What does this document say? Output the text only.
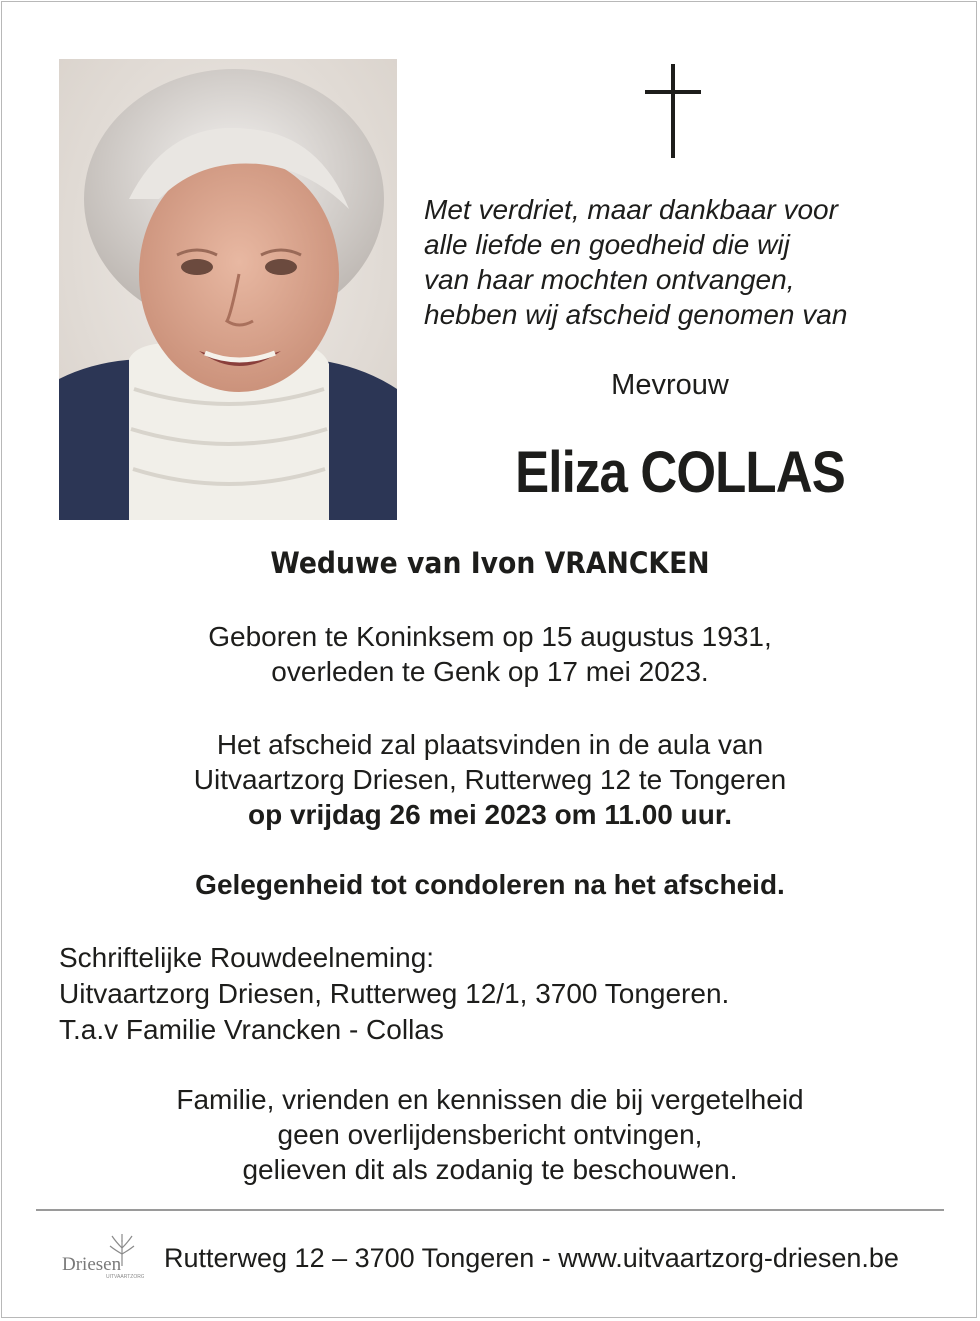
Met verdriet, maar dankbaar voor
alle liefde en goedheid die wij
van haar mochten ontvangen,
hebben wij afscheid genomen van
Mevrouw
Eliza COLLAS
Weduwe van Ivon VRANCKEN
Geboren te Koninksem op 15 augustus 1931,
overleden te Genk op 17 mei 2023.
Het afscheid zal plaatsvinden in de aula van
Uitvaartzorg Driesen, Rutterweg 12 te Tongeren
op vrijdag 26 mei 2023 om 11.00 uur.
Gelegenheid tot condoleren na het afscheid.
Schriftelijke Rouwdeelneming:
Uitvaartzorg Driesen, Rutterweg 12/1, 3700 Tongeren.
T.a.v Familie Vrancken - Collas
Familie, vrienden en kennissen die bij vergetelheid
geen overlijdensbericht ontvingen,
gelieven dit als zodanig te beschouwen.
Driesen
UITVAARTZORG
Rutterweg 12 – 3700 Tongeren - www.uitvaartzorg-driesen.be
